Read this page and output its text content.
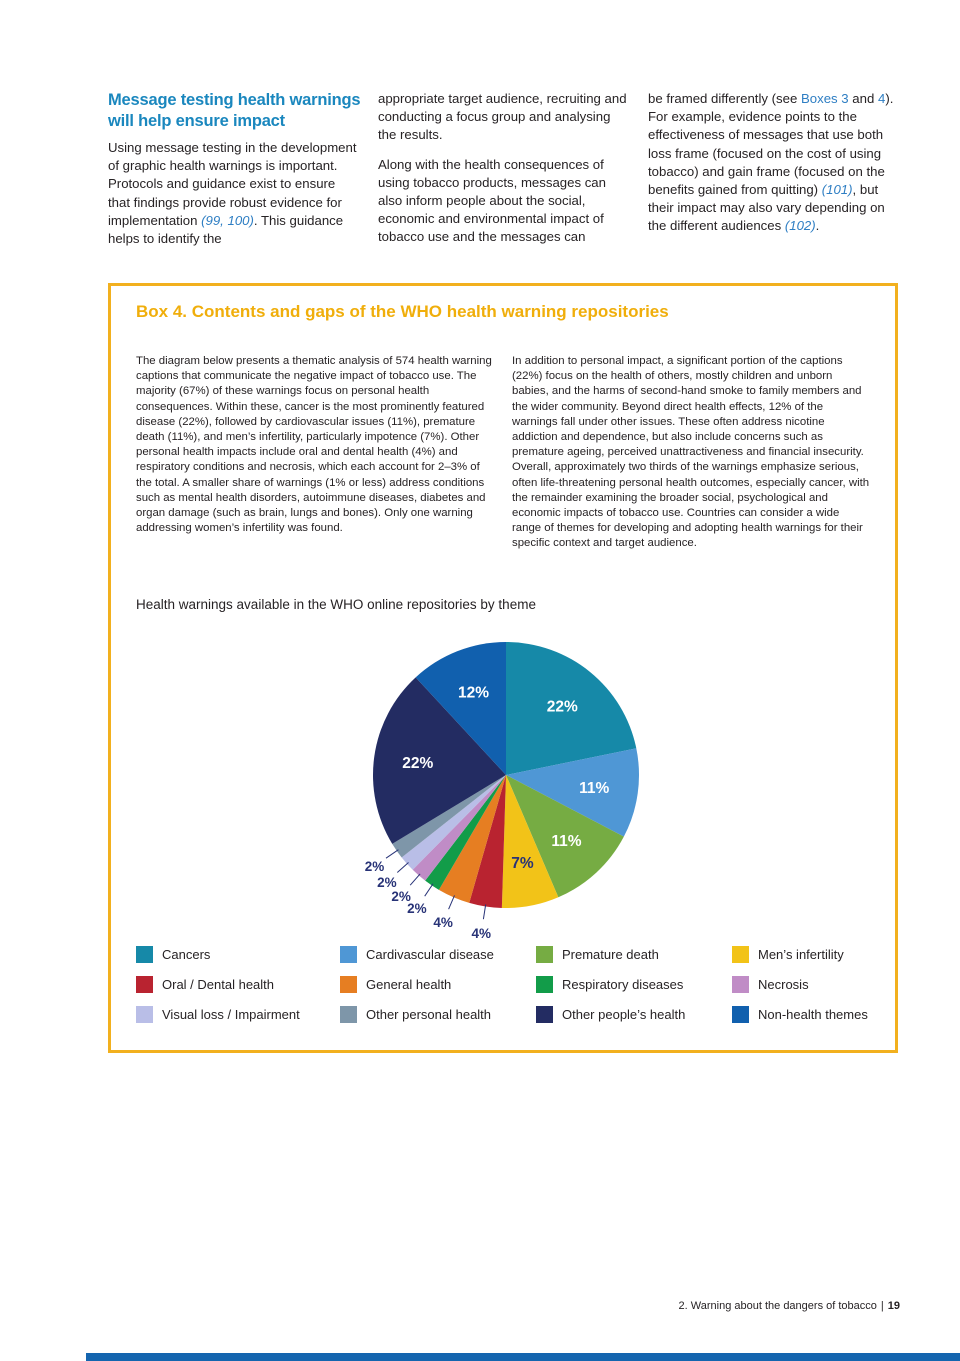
Message testing health warnings will help ensure impact

Using message testing in the development of graphic health warnings is important. Protocols and guidance exist to ensure that findings provide robust evidence for implementation (99, 100). This guidance helps to identify the

appropriate target audience, recruiting and conducting a focus group and analysing the results.

Along with the health consequences of using tobacco products, messages can also inform people about the social, economic and environmental impact of tobacco use and the messages can

be framed differently (see Boxes 3 and 4). For example, evidence points to the effectiveness of messages that use both loss frame (focused on the cost of using tobacco) and gain frame (focused on the benefits gained from quitting) (101), but their impact may also vary depending on the different audiences (102).

Box 4. Contents and gaps of the WHO health warning repositories

The diagram below presents a thematic analysis of 574 health warning captions that communicate the negative impact of tobacco use. The majority (67%) of these warnings focus on personal health consequences. Within these, cancer is the most prominently featured disease (22%), followed by cardiovascular issues (11%), premature death (11%), and men’s infertility, particularly impotence (7%). Other personal health impacts include oral and dental health (4%) and respiratory conditions and necrosis, which each account for 2–3% of the total. A smaller share of warnings (1% or less) address conditions such as mental health disorders, autoimmune diseases, diabetes and organ damage (such as brain, lungs and bones). Only one warning addressing women’s infertility was found.

In addition to personal impact, a significant portion of the captions (22%) focus on the health of others, mostly children and unborn babies, and the harms of second-hand smoke to family members and the wider community. Beyond direct health effects, 12% of the warnings fall under other issues. These often address nicotine addiction and dependence, but also include concerns such as premature ageing, perceived unattractiveness and financial insecurity. Overall, approximately two thirds of the warnings emphasize serious, often life-threatening personal health outcomes, especially cancer, with the remainder examining the broader social, psychological and economic impacts of tobacco use. Countries can consider a wide range of themes for developing and adopting health warnings for their specific context and target audience.

Health warnings available in the WHO online repositories by theme

22%
11%
11%
7%
4%
4%
2%
2%
2%
2%
22%
12%
Cancers	Cardivascular disease	Premature death	Men’s infertility
Oral / Dental health	General health	Respiratory diseases	Necrosis
Visual loss / Impairment	Other personal health	Other people’s health	Non-health themes
2. Warning about the dangers of tobacco | 19
